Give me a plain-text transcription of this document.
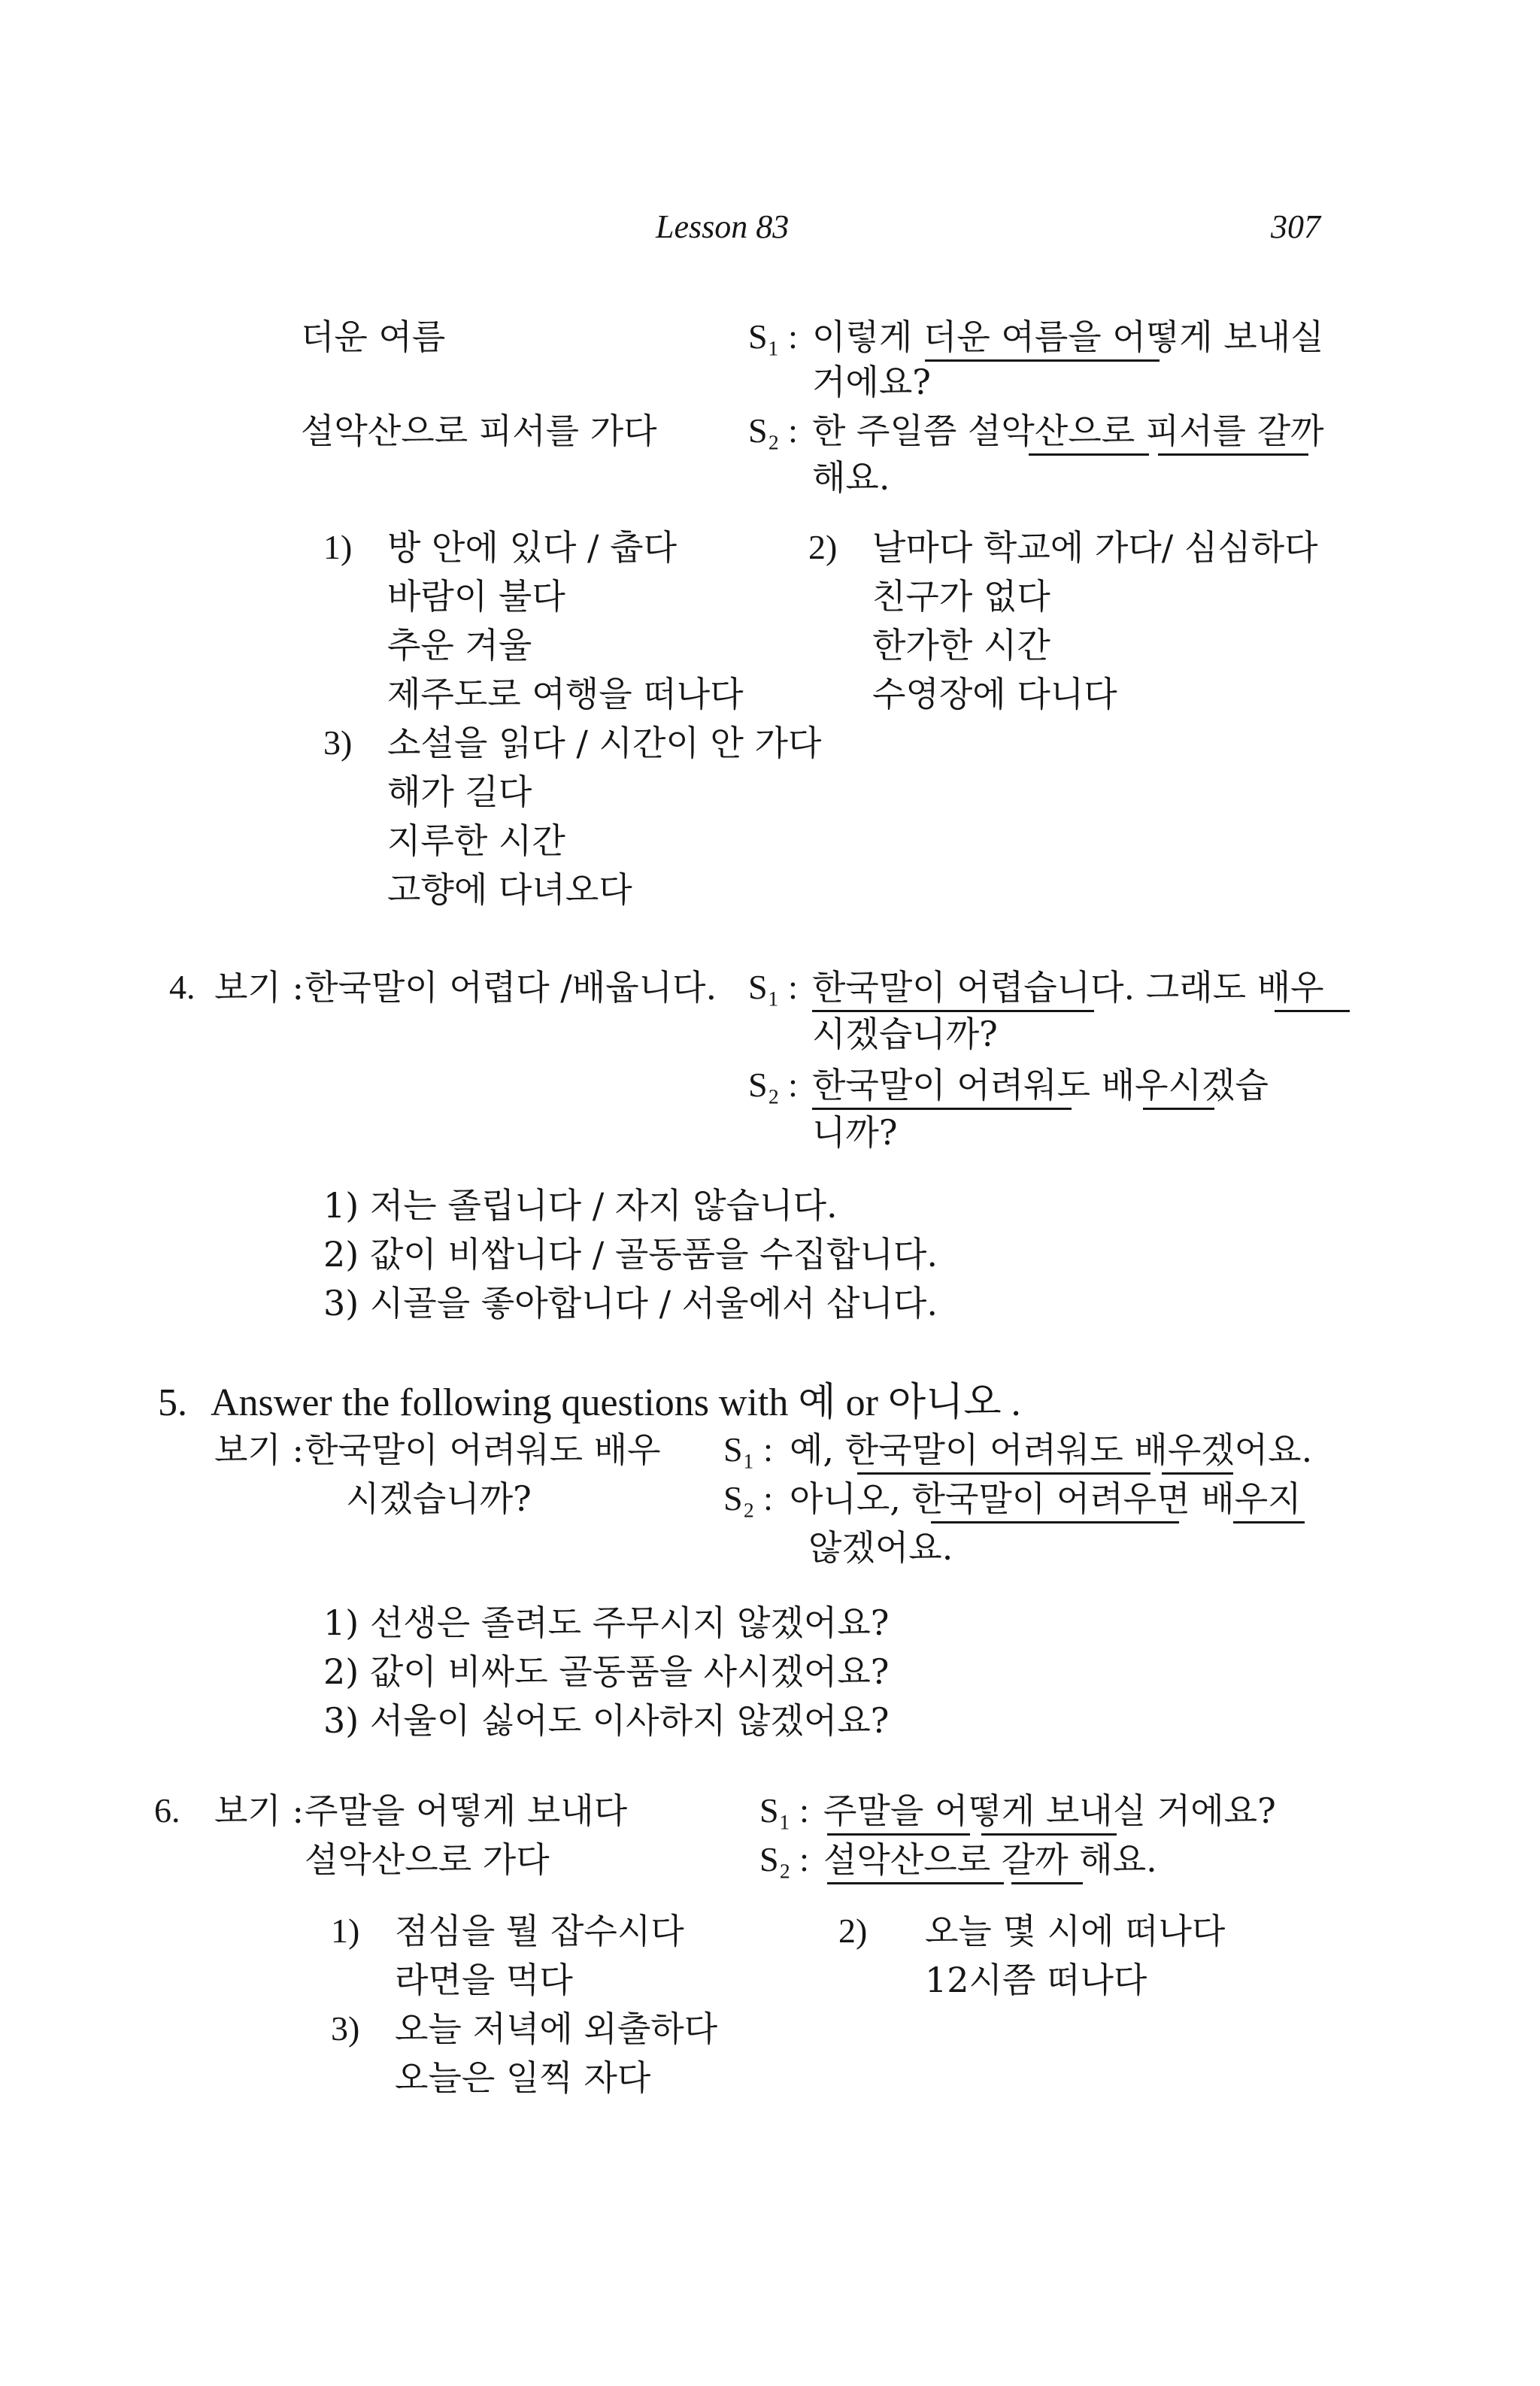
Lesson 83	307
더운 여름
설악산으로 피서를 가다
S₁ : 이렇게 더운 여름을 어떻게 보내실
거에요?
S₂ : 한 주일쯤 설악산으로 피서를 갈까
해요.
1) 방 안에 있다 / 춥다
바람이 불다
추운 겨울
제주도로 여행을 떠나다
2) 날마다 학교에 가다/ 심심하다
친구가 없다
한가한 시간
수영장에 다니다
3) 소설을 읽다 / 시간이 안 가다
해가 길다
지루한 시간
고향에 다녀오다
4. 보기 : 한국말이 어렵다 /배웁니다. S₁ : 한국말이 어렵습니다. 그래도 배우
시겠습니까?
S₂ : 한국말이 어려워도 배우시겠습
니까?
1) 저는 졸립니다 / 자지 않습니다.
2) 값이 비쌉니다 / 골동품을 수집합니다.
3) 시골을 좋아합니다 / 서울에서 삽니다.
5. Answer the following questions with 예 or 아니오 .
보기 : 한국말이 어려워도 배우
시겠습니까?
S₁ : 예, 한국말이 어려워도 배우겠어요.
S₂ : 아니오, 한국말이 어려우면 배우지
않겠어요.
1) 선생은 졸려도 주무시지 않겠어요?
2) 값이 비싸도 골동품을 사시겠어요?
3) 서울이 싫어도 이사하지 않겠어요?
6. 보기 : 주말을 어떻게 보내다
설악산으로 가다
S₁ : 주말을 어떻게 보내실 거에요?
S₂ : 설악산으로 갈까 해요.
1) 점심을 뭘 잡수시다
라면을 먹다
2) 오늘 몇 시에 떠나다
12시쯤 떠나다
3) 오늘 저녁에 외출하다
오늘은 일찍 자다
